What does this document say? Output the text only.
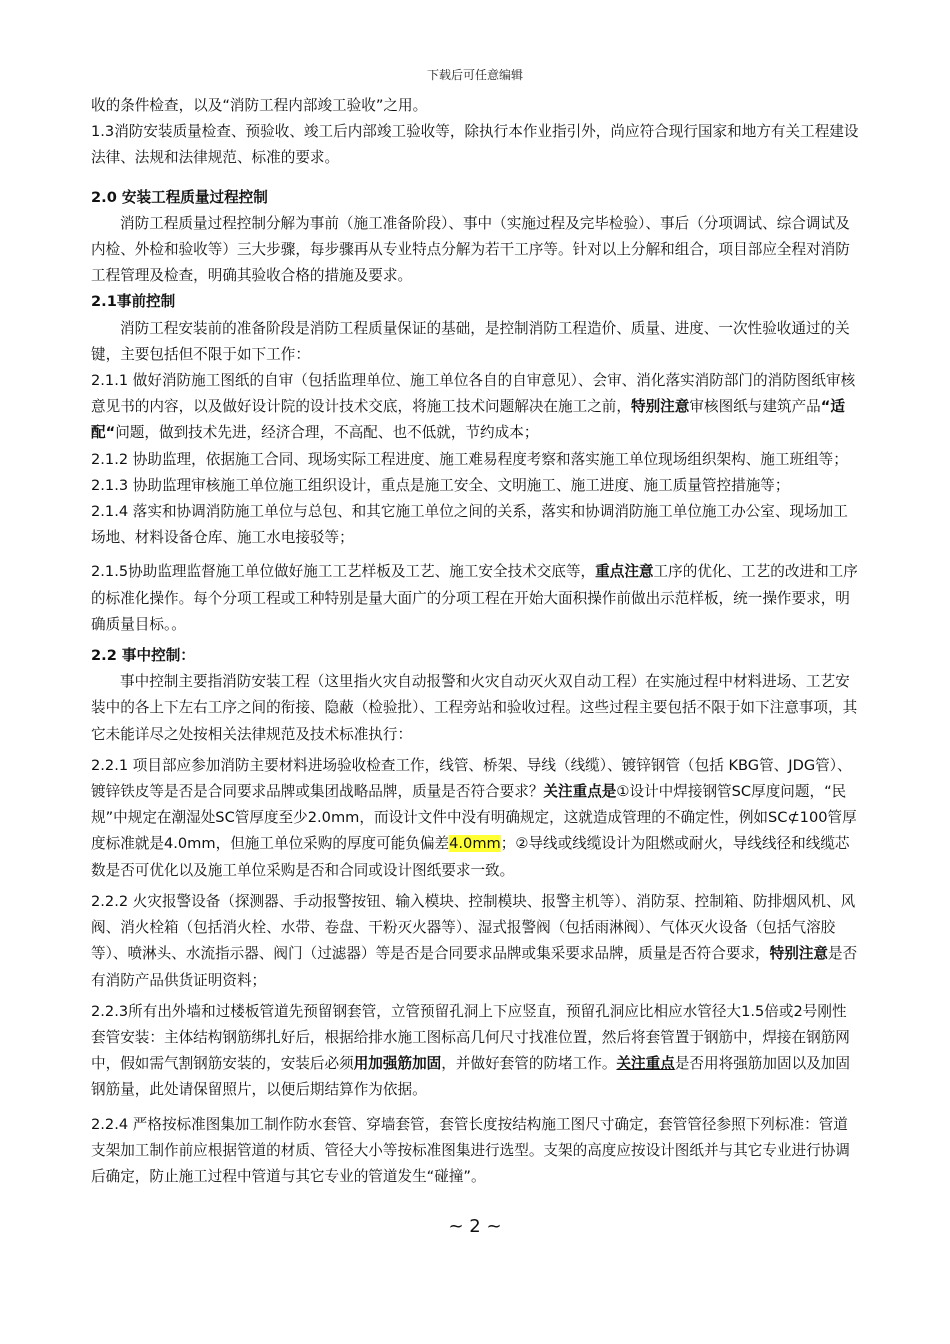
下载后可任意编辑

收的条件检查，以及“消防工程内部竣工验收”之用。

1.3消防安装质量检查、预验收、竣工后内部竣工验收等，除执行本作业指引外，尚应符合现行国家和地方有关工程建设法律、法规和法律规范、标准的要求。

2.0 安装工程质量过程控制

消防工程质量过程控制分解为事前（施工准备阶段）、事中（实施过程及完毕检验）、事后（分项调试、综合调试及内检、外检和验收等）三大步骤，每步骤再从专业特点分解为若干工序等。针对以上分解和组合，项目部应全程对消防工程管理及检查，明确其验收合格的措施及要求。

2.1事前控制

消防工程安装前的准备阶段是消防工程质量保证的基础，是控制消防工程造价、质量、进度、一次性验收通过的关键，主要包括但不限于如下工作：

2.1.1 做好消防施工图纸的自审（包括监理单位、施工单位各自的自审意见）、会审、消化落实消防部门的消防图纸审核意见书的内容，以及做好设计院的设计技术交底，将施工技术问题解决在施工之前，特别注意审核图纸与建筑产品“适配“问题，做到技术先进，经济合理，不高配、也不低就，节约成本；

2.1.2 协助监理，依据施工合同、现场实际工程进度、施工难易程度考察和落实施工单位现场组织架构、施工班组等；

2.1.3 协助监理审核施工单位施工组织设计，重点是施工安全、文明施工、施工进度、施工质量管控措施等；

2.1.4 落实和协调消防施工单位与总包、和其它施工单位之间的关系，落实和协调消防施工单位施工办公室、现场加工场地、材料设备仓库、施工水电接驳等；

2.1.5协助监理监督施工单位做好施工工艺样板及工艺、施工安全技术交底等，重点注意工序的优化、工艺的改进和工序的标准化操作。每个分项工程或工种特别是量大面广的分项工程在开始大面积操作前做出示范样板，统一操作要求，明确质量目标。。

2.2 事中控制：

事中控制主要指消防安装工程（这里指火灾自动报警和火灾自动灭火双自动工程）在实施过程中材料进场、工艺安装中的各上下左右工序之间的衔接、隐蔽（检验批）、工程旁站和验收过程。这些过程主要包括不限于如下注意事项，其它未能详尽之处按相关法律规范及技术标准执行：

2.2.1 项目部应参加消防主要材料进场验收检查工作，线管、桥架、导线（线缆）、镀锌钢管（包括 KBG管、JDG管）、镀锌铁皮等是否是合同要求品牌或集团战略品牌，质量是否符合要求？关注重点是①设计中焊接钢管SC厚度问题，“民规”中规定在潮湿处SC管厚度至少2.0mm，而设计文件中没有明确规定，这就造成管理的不确定性，例如SC⊄100管厚度标准就是4.0mm，但施工单位采购的厚度可能负偏差4.0mm；②导线或线缆设计为阻燃或耐火，导线线径和线缆芯数是否可优化以及施工单位采购是否和合同或设计图纸要求一致。

2.2.2 火灾报警设备（探测器、手动报警按钮、输入模块、控制模块、报警主机等）、消防泵、控制箱、防排烟风机、风阀、消火栓箱（包括消火栓、水带、卷盘、干粉灭火器等）、湿式报警阀（包括雨淋阀）、气体灭火设备（包括气溶胶等）、喷淋头、水流指示器、阀门（过滤器）等是否是合同要求品牌或集采要求品牌，质量是否符合要求，特别注意是否有消防产品供货证明资料；

2.2.3所有出外墙和过楼板管道先预留钢套管，立管预留孔洞上下应竖直，预留孔洞应比相应水管径大1.5倍或2号刚性套管安装：主体结构钢筋绑扎好后，根据给排水施工图标高几何尺寸找准位置，然后将套管置于钢筋中，焊接在钢筋网中，假如需气割钢筋安装的，安装后必须用加强筋加固，并做好套管的防堵工作。关注重点是否用将强筋加固以及加固钢筋量，此处请保留照片，以便后期结算作为依据。

2.2.4 严格按标准图集加工制作防水套管、穿墙套管，套管长度按结构施工图尺寸确定，套管管径参照下列标准：管道支架加工制作前应根据管道的材质、管径大小等按标准图集进行选型。支架的高度应按设计图纸并与其它专业进行协调后确定，防止施工过程中管道与其它专业的管道发生“碰撞”。

~ 2 ~
